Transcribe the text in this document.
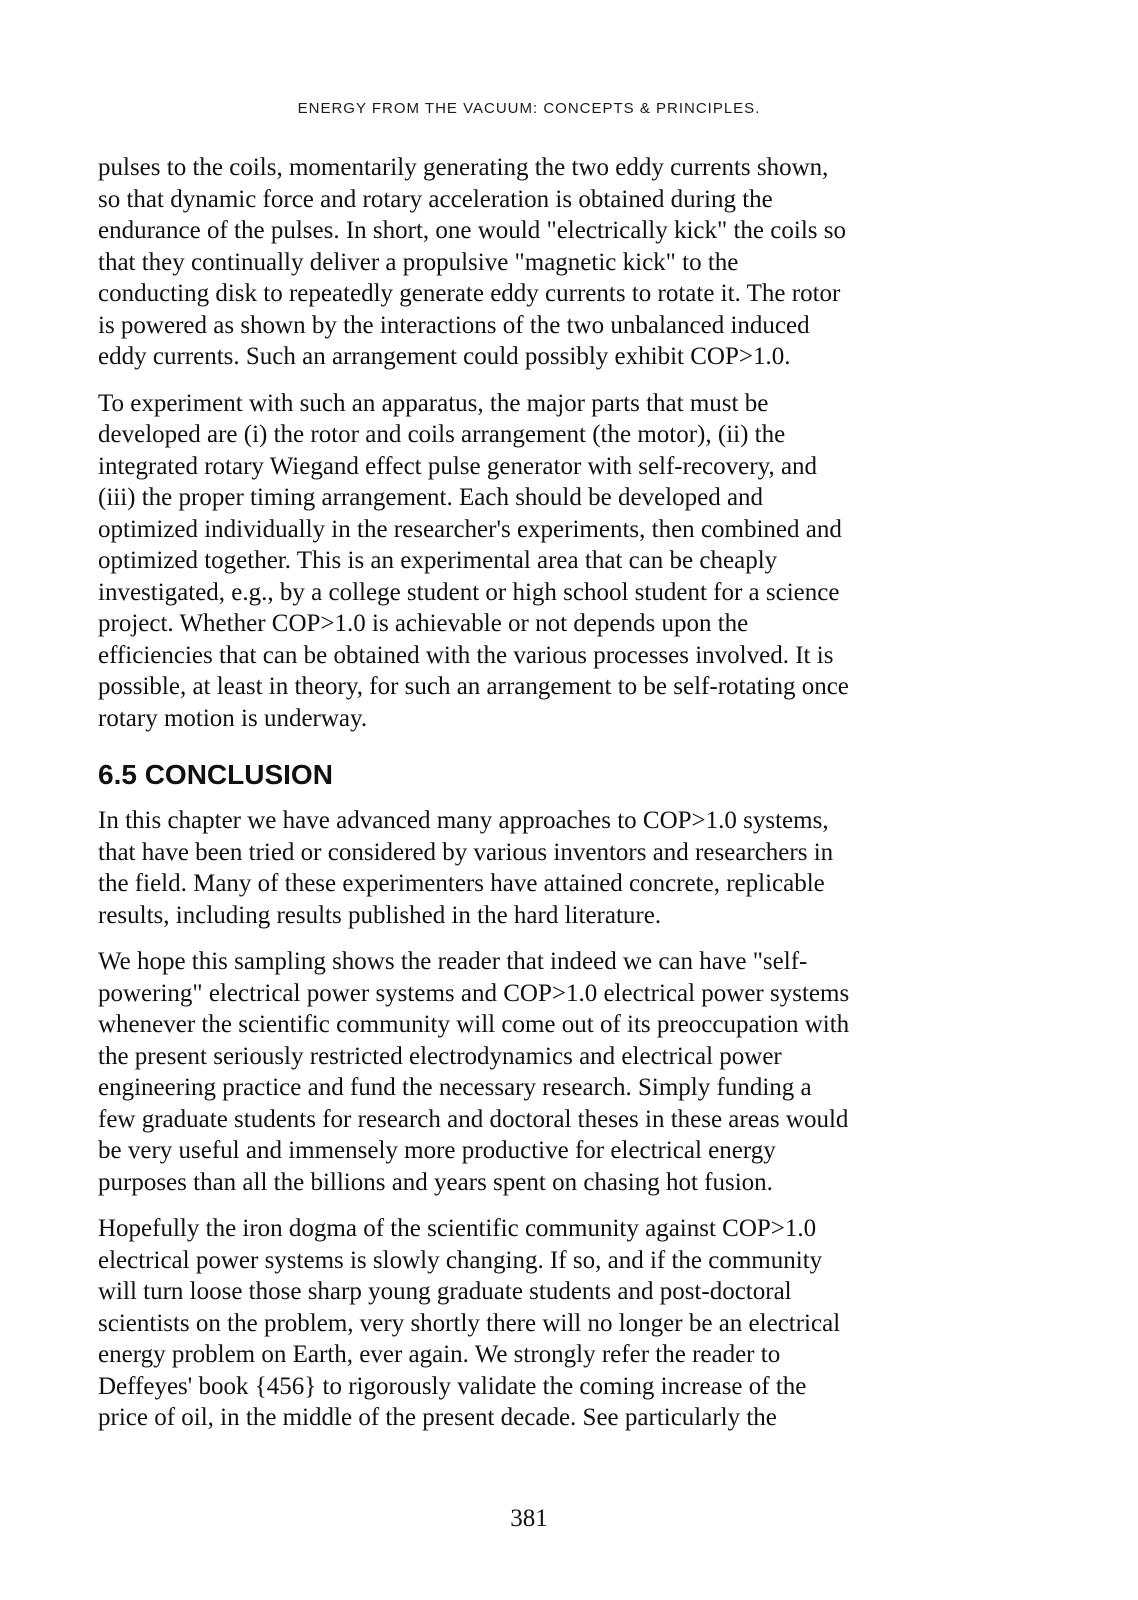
ENERGY FROM THE VACUUM: CONCEPTS & PRINCIPLES.
pulses to the coils, momentarily generating the two eddy currents shown,
so that dynamic force and rotary acceleration is obtained during the
endurance of the pulses. In short, one would "electrically kick" the coils so
that they continually deliver a propulsive "magnetic kick" to the
conducting disk to repeatedly generate eddy currents to rotate it. The rotor
is powered as shown by the interactions of the two unbalanced induced
eddy currents. Such an arrangement could possibly exhibit COP>1.0.
To experiment with such an apparatus, the major parts that must be
developed are (i) the rotor and coils arrangement (the motor), (ii) the
integrated rotary Wiegand effect pulse generator with self-recovery, and
(iii) the proper timing arrangement. Each should be developed and
optimized individually in the researcher's experiments, then combined and
optimized together. This is an experimental area that can be cheaply
investigated, e.g., by a college student or high school student for a science
project. Whether COP>1.0 is achievable or not depends upon the
efficiencies that can be obtained with the various processes involved. It is
possible, at least in theory, for such an arrangement to be self-rotating once
rotary motion is underway.
6.5 CONCLUSION
In this chapter we have advanced many approaches to COP>1.0 systems,
that have been tried or considered by various inventors and researchers in
the field. Many of these experimenters have attained concrete, replicable
results, including results published in the hard literature.
We hope this sampling shows the reader that indeed we can have "self-
powering" electrical power systems and COP>1.0 electrical power systems
whenever the scientific community will come out of its preoccupation with
the present seriously restricted electrodynamics and electrical power
engineering practice and fund the necessary research. Simply funding a
few graduate students for research and doctoral theses in these areas would
be very useful and immensely more productive for electrical energy
purposes than all the billions and years spent on chasing hot fusion.
Hopefully the iron dogma of the scientific community against COP>1.0
electrical power systems is slowly changing. If so, and if the community
will turn loose those sharp young graduate students and post-doctoral
scientists on the problem, very shortly there will no longer be an electrical
energy problem on Earth, ever again. We strongly refer the reader to
Deffeyes' book {456} to rigorously validate the coming increase of the
price of oil, in the middle of the present decade. See particularly the
381
